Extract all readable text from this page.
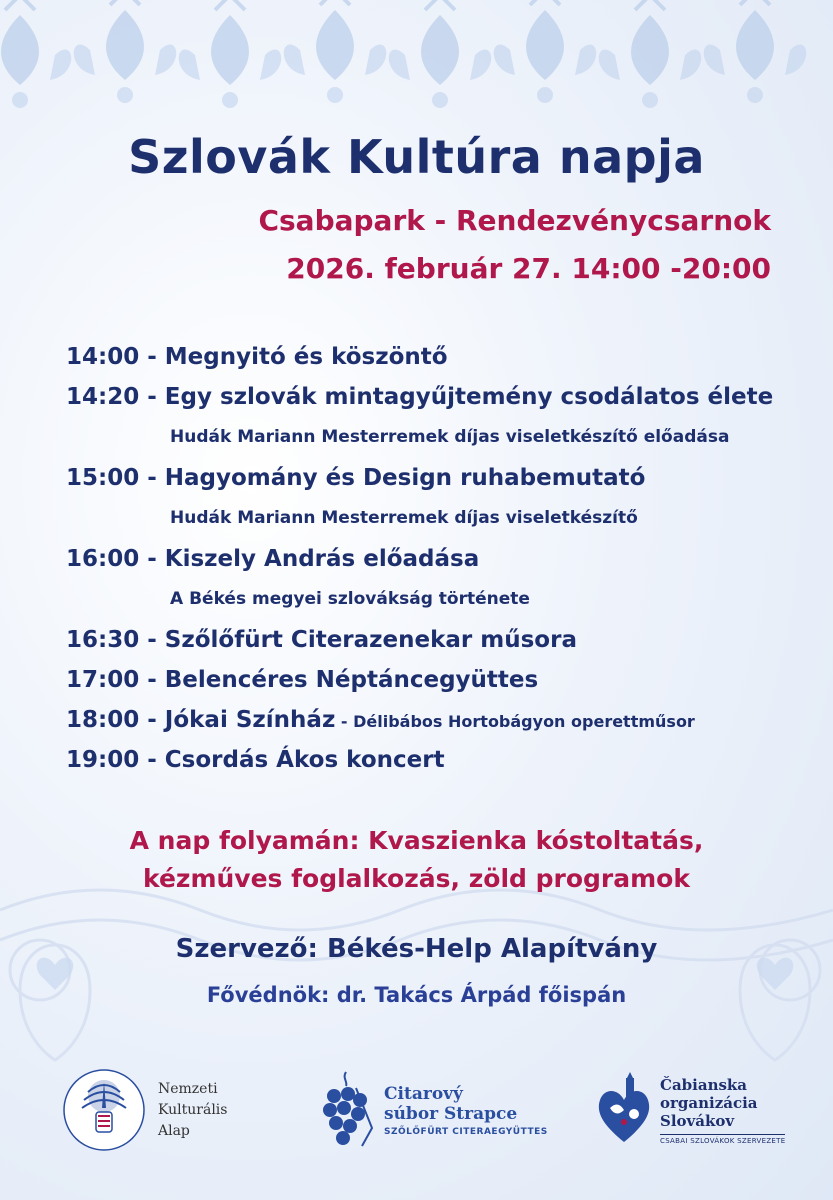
Szlovák Kultúra napja
Csabapark - Rendezvénycsarnok
2026. február 27. 14:00 -20:00
14:00 - Megnyitó és köszöntő
14:20 - Egy szlovák mintagyűjtemény csodálatos élete
Hudák Mariann Mesterremek díjas viseletkészítő előadása
15:00 - Hagyomány és Design ruhabemutató
Hudák Mariann Mesterremek díjas viseletkészítő
16:00 - Kiszely András előadása
A Békés megyei szlovákság története
16:30 - Szőlőfürt Citerazenekar műsora
17:00 - Belencéres Néptáncegyüttes
18:00 - Jókai Színház - Délibábos Hortobágyon operettműsor
19:00 - Csordás Ákos koncert
A nap folyamán: Kvaszienka kóstoltatás,
kézműves foglalkozás, zöld programok
Szervező: Békés-Help Alapítvány
Fővédnök: dr. Takács Árpád főispán
Nemzeti
Kulturális
Alap
Citarový
súbor Strapce
SZŐLŐFÜRT CITERAEGYÜTTES
Čabianska
organizácia
Slovákov
CSABAI SZLOVÁKOK SZERVEZETE
